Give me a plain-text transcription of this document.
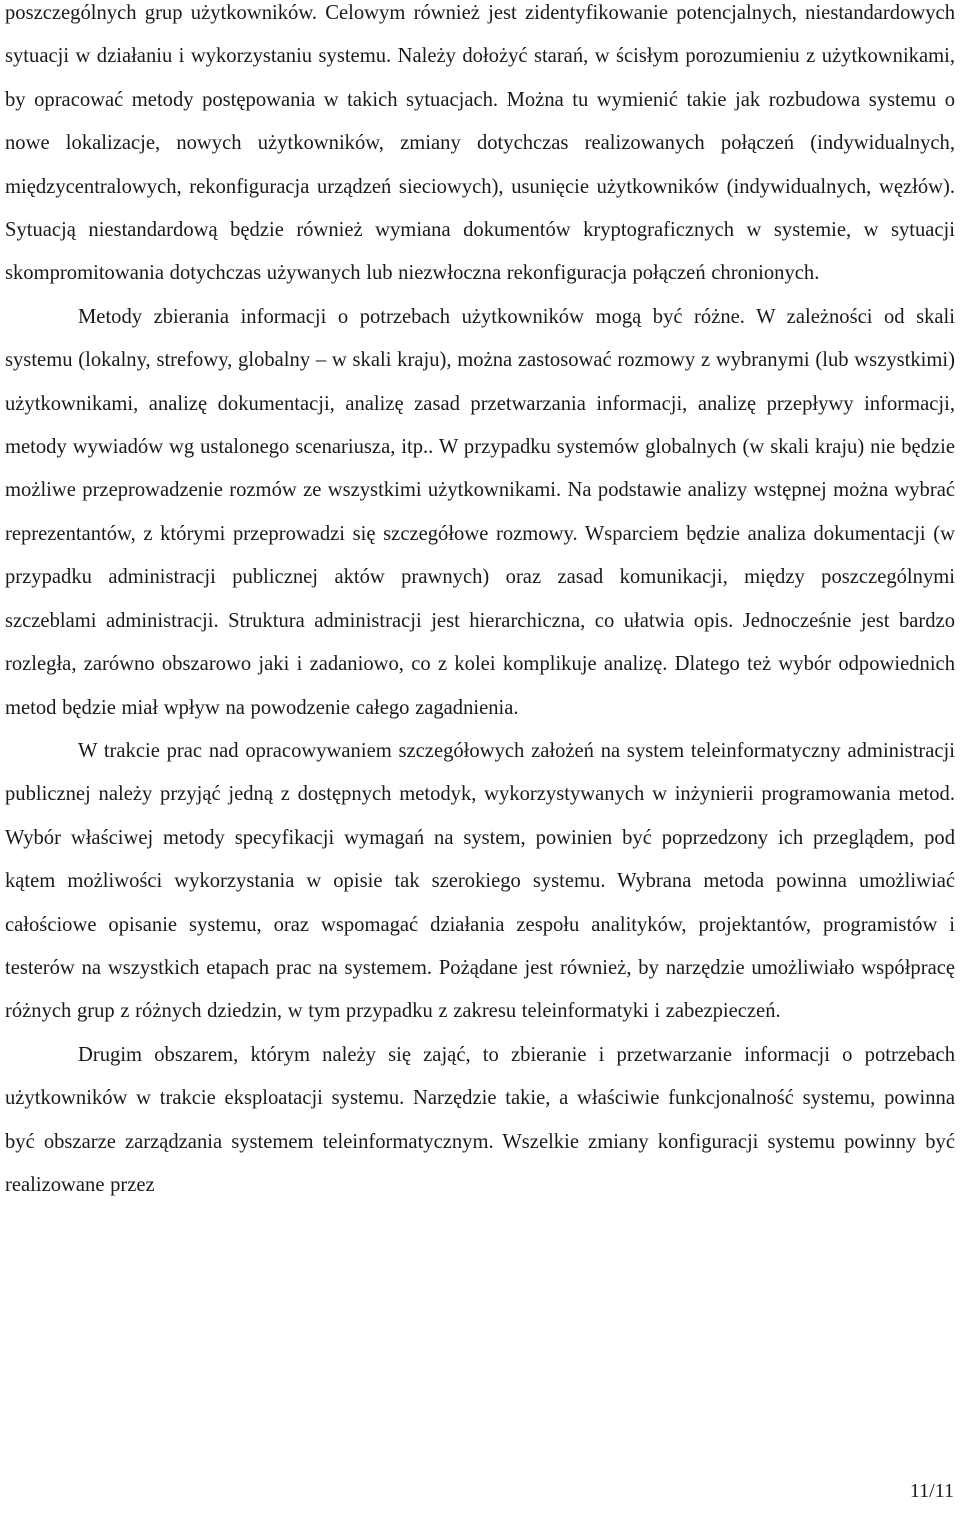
poszczególnych grup użytkowników. Celowym również jest zidentyfikowanie potencjalnych, niestandardowych sytuacji w działaniu i wykorzystaniu systemu. Należy dołożyć starań, w ścisłym porozumieniu z użytkownikami, by opracować metody postępowania w takich sytuacjach. Można tu wymienić takie jak rozbudowa systemu o nowe lokalizacje, nowych użytkowników, zmiany dotychczas realizowanych połączeń (indywidualnych, międzycentralowych, rekonfiguracja urządzeń sieciowych), usunięcie użytkowników (indywidualnych, węzłów). Sytuacją niestandardową będzie również wymiana dokumentów kryptograficznych w systemie, w sytuacji skompromitowania dotychczas używanych lub niezwłoczna rekonfiguracja połączeń chronionych.

Metody zbierania informacji o potrzebach użytkowników mogą być różne. W zależności od skali systemu (lokalny, strefowy, globalny – w skali kraju), można zastosować rozmowy z wybranymi (lub wszystkimi) użytkownikami, analizę dokumentacji, analizę zasad przetwarzania informacji, analizę przepływy informacji, metody wywiadów wg ustalonego scenariusza, itp.. W przypadku systemów globalnych (w skali kraju) nie będzie możliwe przeprowadzenie rozmów ze wszystkimi użytkownikami. Na podstawie analizy wstępnej można wybrać reprezentantów, z którymi przeprowadzi się szczegółowe rozmowy. Wsparciem będzie analiza dokumentacji (w przypadku administracji publicznej aktów prawnych) oraz zasad komunikacji, między poszczególnymi szczeblami administracji. Struktura administracji jest hierarchiczna, co ułatwia opis. Jednocześnie jest bardzo rozległa, zarówno obszarowo jaki i zadaniowo, co z kolei komplikuje analizę. Dlatego też wybór odpowiednich metod będzie miał wpływ na powodzenie całego zagadnienia.

W trakcie prac nad opracowywaniem szczegółowych założeń na system teleinformatyczny administracji publicznej należy przyjąć jedną z dostępnych metodyk, wykorzystywanych w inżynierii programowania metod. Wybór właściwej metody specyfikacji wymagań na system, powinien być poprzedzony ich przeglądem, pod kątem możliwości wykorzystania w opisie tak szerokiego systemu. Wybrana metoda powinna umożliwiać całościowe opisanie systemu, oraz wspomagać działania zespołu analityków, projektantów, programistów i testerów na wszystkich etapach prac na systemem. Pożądane jest również, by narzędzie umożliwiało współpracę różnych grup z różnych dziedzin, w tym przypadku z zakresu teleinformatyki i zabezpieczeń.

Drugim obszarem, którym należy się zająć, to zbieranie i przetwarzanie informacji o potrzebach użytkowników w trakcie eksploatacji systemu. Narzędzie takie, a właściwie funkcjonalność systemu, powinna być obszarze zarządzania systemem teleinformatycznym. Wszelkie zmiany konfiguracji systemu powinny być realizowane przez

11/11
